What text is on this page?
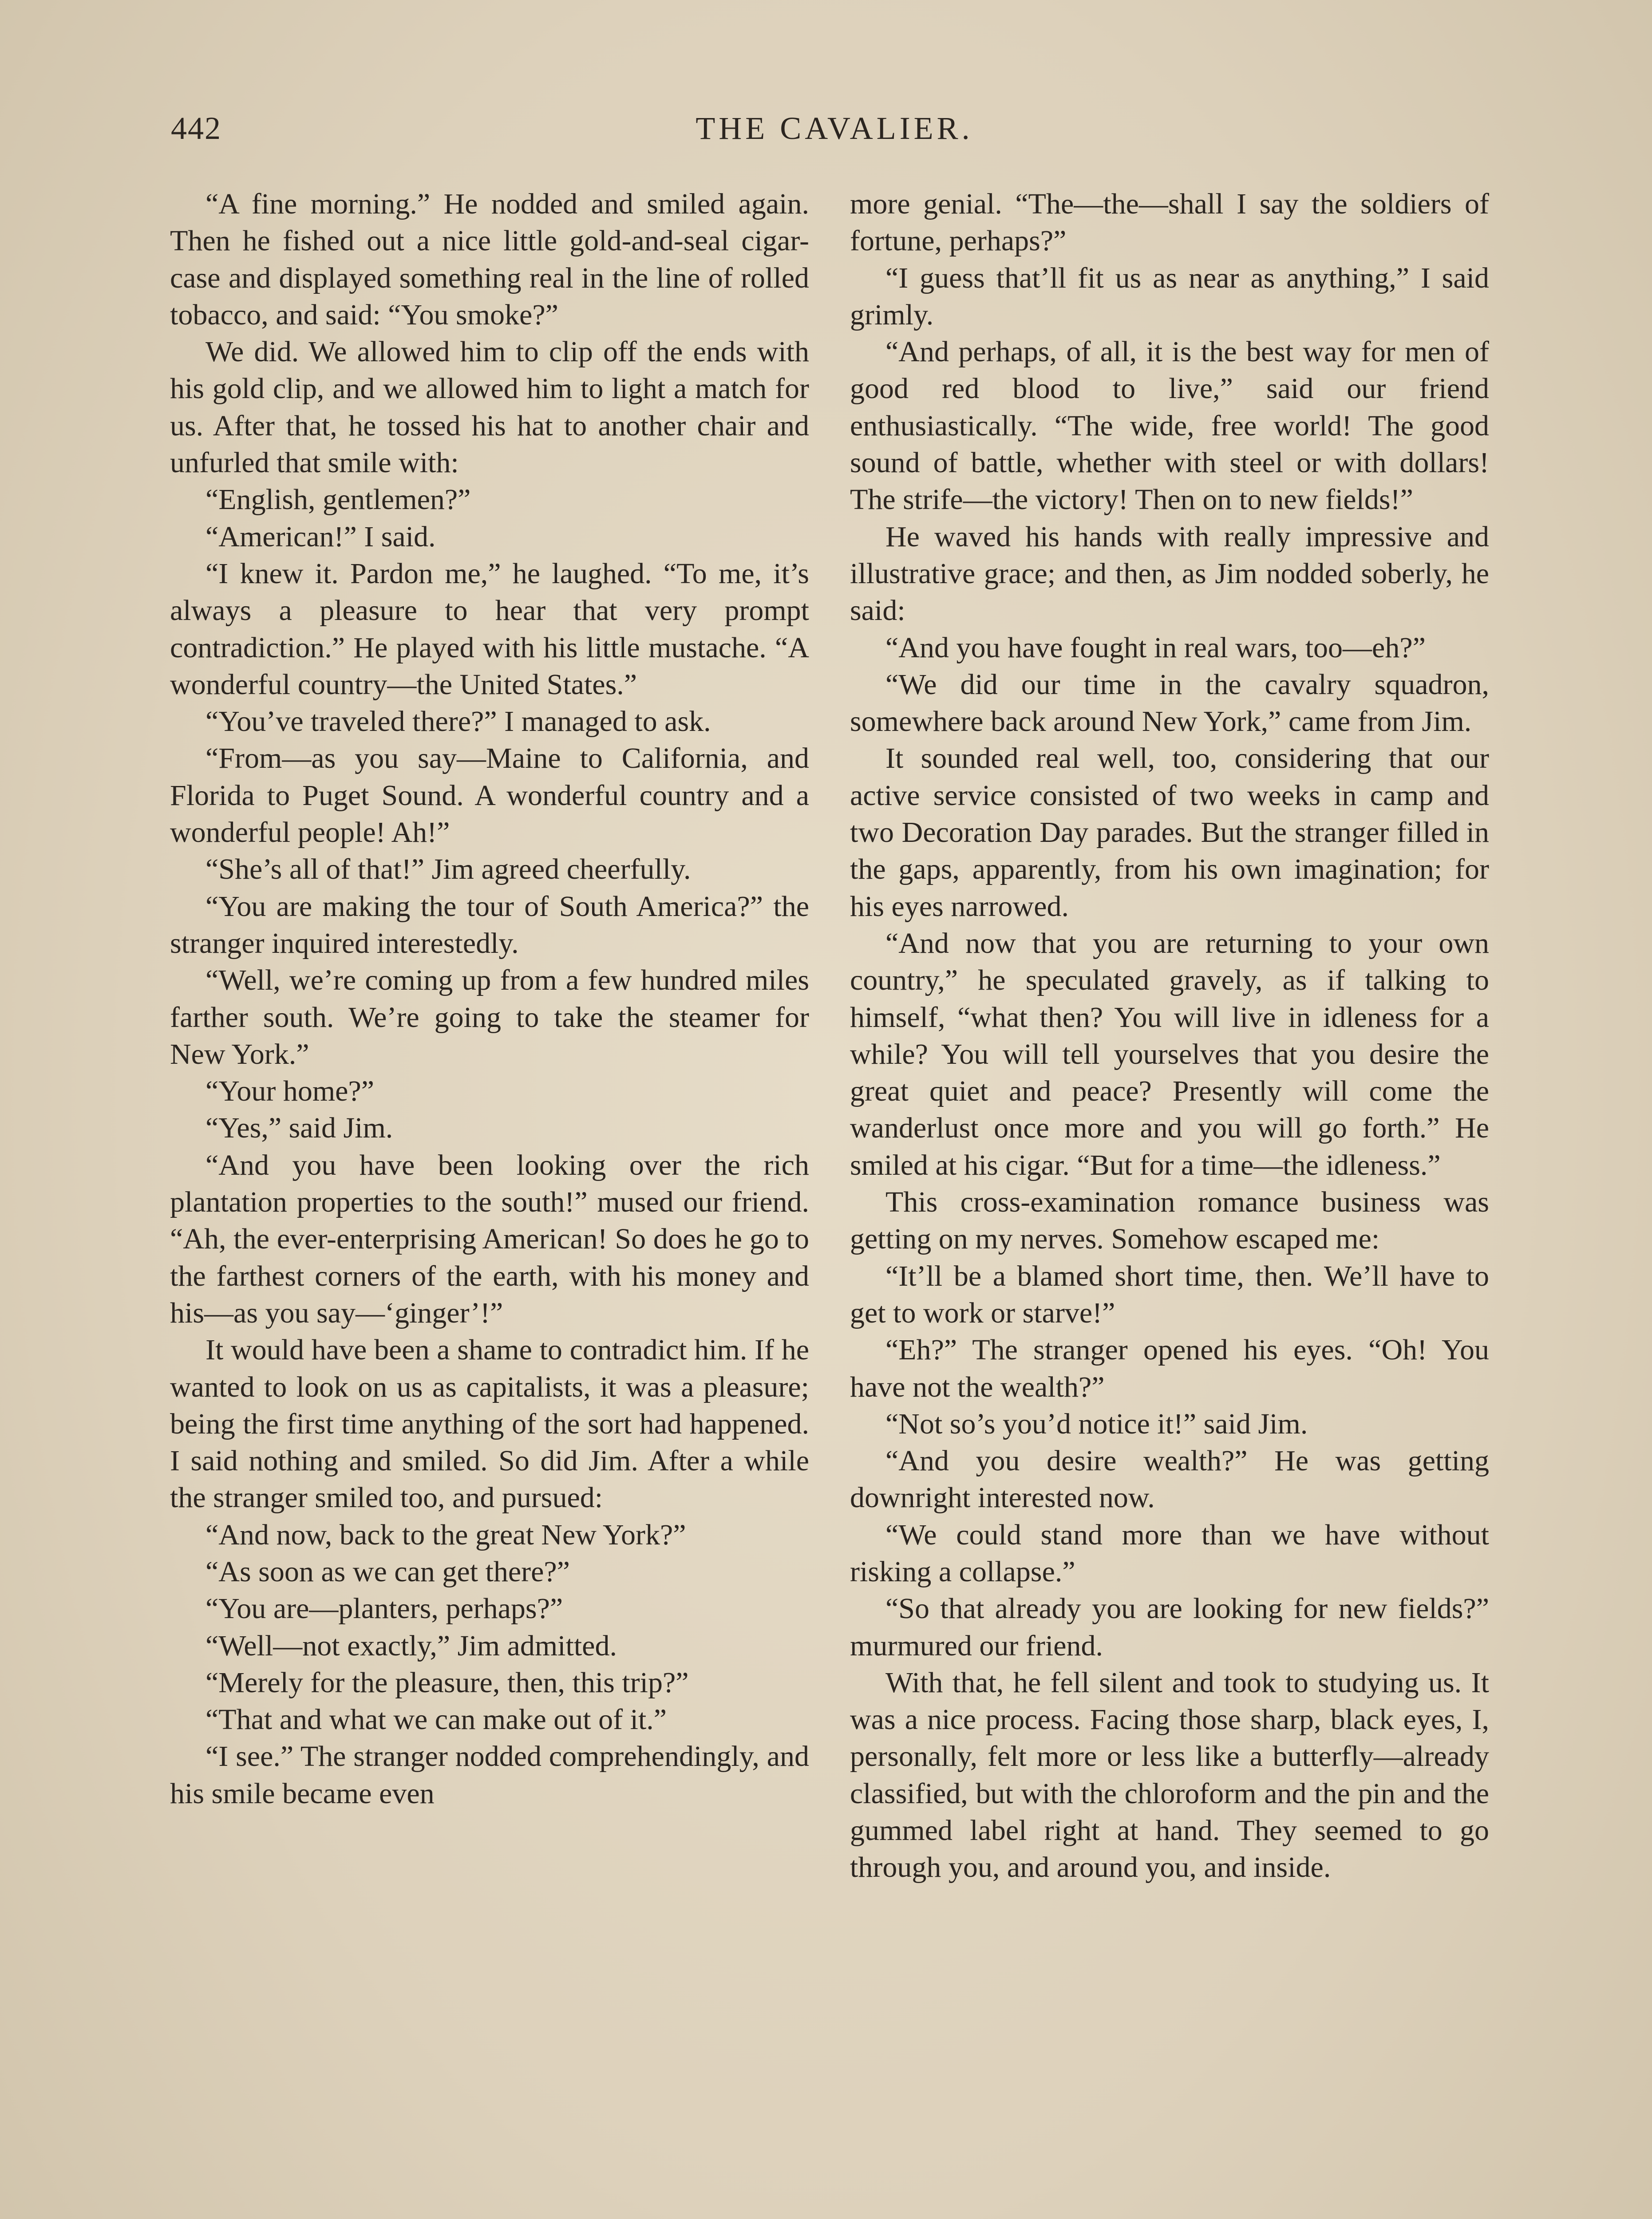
442	THE CAVALIER.

“A fine morning.” He nodded and smiled again. Then he fished out a nice little gold-and-seal cigar-case and displayed something real in the line of rolled tobacco, and said: “You smoke?”

We did. We allowed him to clip off the ends with his gold clip, and we allowed him to light a match for us. After that, he tossed his hat to another chair and unfurled that smile with:

“English, gentlemen?”

“American!” I said.

“I knew it. Pardon me,” he laughed. “To me, it’s always a pleasure to hear that very prompt contradiction.” He played with his little mustache. “A wonderful country—the United States.”

“You’ve traveled there?” I managed to ask.

“From—as you say—Maine to California, and Florida to Puget Sound. A wonderful country and a wonderful people! Ah!”

“She’s all of that!” Jim agreed cheerfully.

“You are making the tour of South America?” the stranger inquired interestedly.

“Well, we’re coming up from a few hundred miles farther south. We’re going to take the steamer for New York.”

“Your home?”

“Yes,” said Jim.

“And you have been looking over the rich plantation properties to the south!” mused our friend. “Ah, the ever-enterprising American! So does he go to the farthest corners of the earth, with his money and his—as you say—‘ginger’!”

It would have been a shame to contradict him. If he wanted to look on us as capitalists, it was a pleasure; being the first time anything of the sort had happened. I said nothing and smiled. So did Jim. After a while the stranger smiled too, and pursued:

“And now, back to the great New York?”

“As soon as we can get there?”

“You are—planters, perhaps?”

“Well—not exactly,” Jim admitted.

“Merely for the pleasure, then, this trip?”

“That and what we can make out of it.”

“I see.” The stranger nodded comprehendingly, and his smile became even

more genial. “The—the—shall I say the soldiers of fortune, perhaps?”

“I guess that’ll fit us as near as anything,” I said grimly.

“And perhaps, of all, it is the best way for men of good red blood to live,” said our friend enthusiastically. “The wide, free world! The good sound of battle, whether with steel or with dollars! The strife—the victory! Then on to new fields!”

He waved his hands with really impressive and illustrative grace; and then, as Jim nodded soberly, he said:

“And you have fought in real wars, too—eh?”

“We did our time in the cavalry squadron, somewhere back around New York,” came from Jim.

It sounded real well, too, considering that our active service consisted of two weeks in camp and two Decoration Day parades. But the stranger filled in the gaps, apparently, from his own imagination; for his eyes narrowed.

“And now that you are returning to your own country,” he speculated gravely, as if talking to himself, “what then? You will live in idleness for a while? You will tell yourselves that you desire the great quiet and peace? Presently will come the wanderlust once more and you will go forth.” He smiled at his cigar. “But for a time—the idleness.”

This cross-examination romance business was getting on my nerves. Somehow escaped me:

“It’ll be a blamed short time, then. We’ll have to get to work or starve!”

“Eh?” The stranger opened his eyes. “Oh! You have not the wealth?”

“Not so’s you’d notice it!” said Jim.

“And you desire wealth?” He was getting downright interested now.

“We could stand more than we have without risking a collapse.”

“So that already you are looking for new fields?” murmured our friend.

With that, he fell silent and took to studying us. It was a nice process. Facing those sharp, black eyes, I, personally, felt more or less like a butterfly—already classified, but with the chloroform and the pin and the gummed label right at hand. They seemed to go through you, and around you, and inside.
